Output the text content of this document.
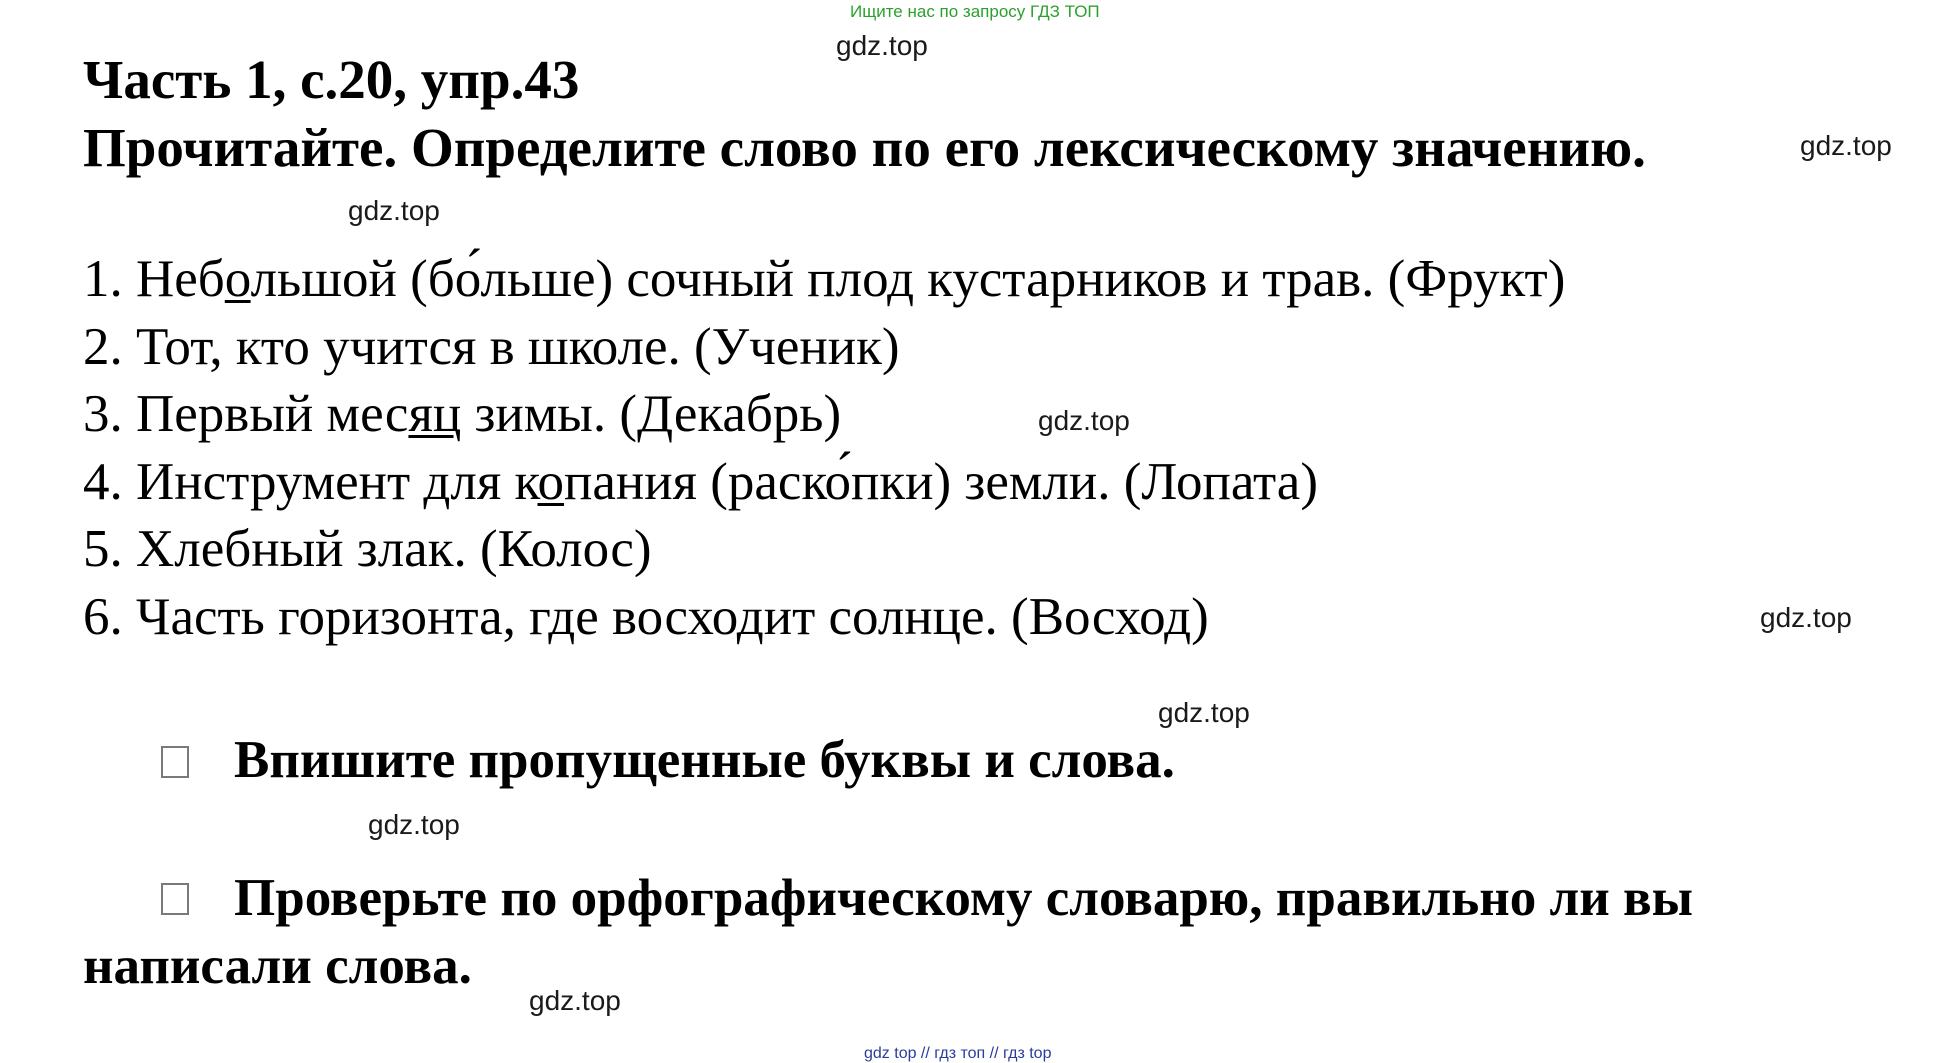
Ищите нас по запросу ГДЗ ТОП
gdz.top
gdz.top
gdz.top
gdz.top
gdz.top
gdz.top
gdz.top
gdz.top
Часть 1, с.20, упр.43
Прочитайте. Определите слово по его лексическому значению.
1. Небольшой (бо́льше) сочный плод кустарников и трав. (Фрукт)
2. Тот, кто учится в школе. (Ученик)
3. Первый месяц зимы. (Декабрь)
4. Инструмент для копания (раско́пки) земли. (Лопата)
5. Хлебный злак. (Колос)
6. Часть горизонта, где восходит солнце. (Восход)
Впишите пропущенные буквы и слова.
Проверьте по орфографическому словарю, правильно ли вы
написали слова.
gdz top // гдз топ // гдз top
